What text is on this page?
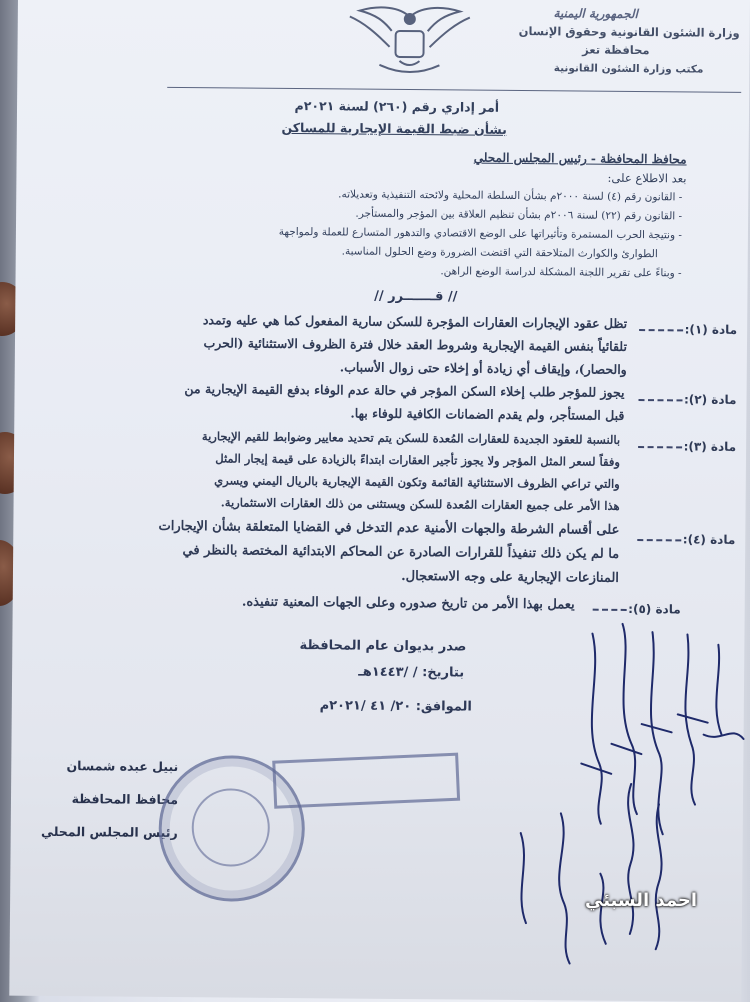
الجمهورية اليمنية
وزارة الشئون القانونية وحقوق الإنسان
محافظة تعز
مكتب وزارة الشئون القانونية
أمر إداري رقم (٢٦٠) لسنة ٢٠٢١م
بشأن ضبط القيمة الإيجارية للمساكن
محافظ المحافظة - رئيس المجلس المحلي
بعد الاطلاع على:
- القانون رقم (٤) لسنة ٢٠٠٠م بشأن السلطة المحلية ولائحته التنفيذية وتعديلاته.
- القانون رقم (٢٢) لسنة ٢٠٠٦م بشأن تنظيم العلاقة بين المؤجر والمستأجر.
- ونتيجة الحرب المستمرة وتأثيراتها على الوضع الاقتصادي والتدهور المتسارع للعملة ولمواجهة
الطوارئ والكوارث المتلاحقة التي اقتضت الضرورة وضع الحلول المناسبة.
- وبناءً على تقرير اللجنة المشكلة لدراسة الوضع الراهن.
// قـــــــرر //
مادة (١):
تظل عقود الإيجارات العقارات المؤجرة للسكن سارية المفعول كما هي عليه وتمدد
تلقائياً بنفس القيمة الإيجارية وشروط العقد خلال فترة الظروف الاستثنائية (الحرب
والحصار)، وإيقاف أي زيادة أو إخلاء حتى زوال الأسباب.
مادة (٢):
يجوز للمؤجر طلب إخلاء السكن المؤجر في حالة عدم الوفاء بدفع القيمة الإيجارية من
قبل المستأجر، ولم يقدم الضمانات الكافية للوفاء بها.
مادة (٣):
بالنسبة للعقود الجديدة للعقارات المُعدة للسكن يتم تحديد معايير وضوابط للقيم الإيجارية
وفقاً لسعر المثل المؤجر ولا يجوز تأجير العقارات ابتداءً بالزيادة على قيمة إيجار المثل
والتي تراعي الظروف الاستثنائية القائمة وتكون القيمة الإيجارية بالريال اليمني ويسري
هذا الأمر على جميع العقارات المُعدة للسكن ويستثنى من ذلك العقارات الاستثمارية.
مادة (٤):
على أقسام الشرطة والجهات الأمنية عدم التدخل في القضايا المتعلقة بشأن الإيجارات
ما لم يكن ذلك تنفيذاً للقرارات الصادرة عن المحاكم الابتدائية المختصة بالنظر في
المنازعات الإيجارية على وجه الاستعجال.
مادة (٥):
يعمل بهذا الأمر من تاريخ صدوره وعلى الجهات المعنية تنفيذه.
صدر بديوان عام المحافظة
بتاريخ: / /١٤٤٣هـ
الموافق: ٢٠/ ٤١ /٢٠٢١م
نبيل عبده شمسان
محافظ المحافظة
رئيس المجلس المحلي
احمد السبئي
